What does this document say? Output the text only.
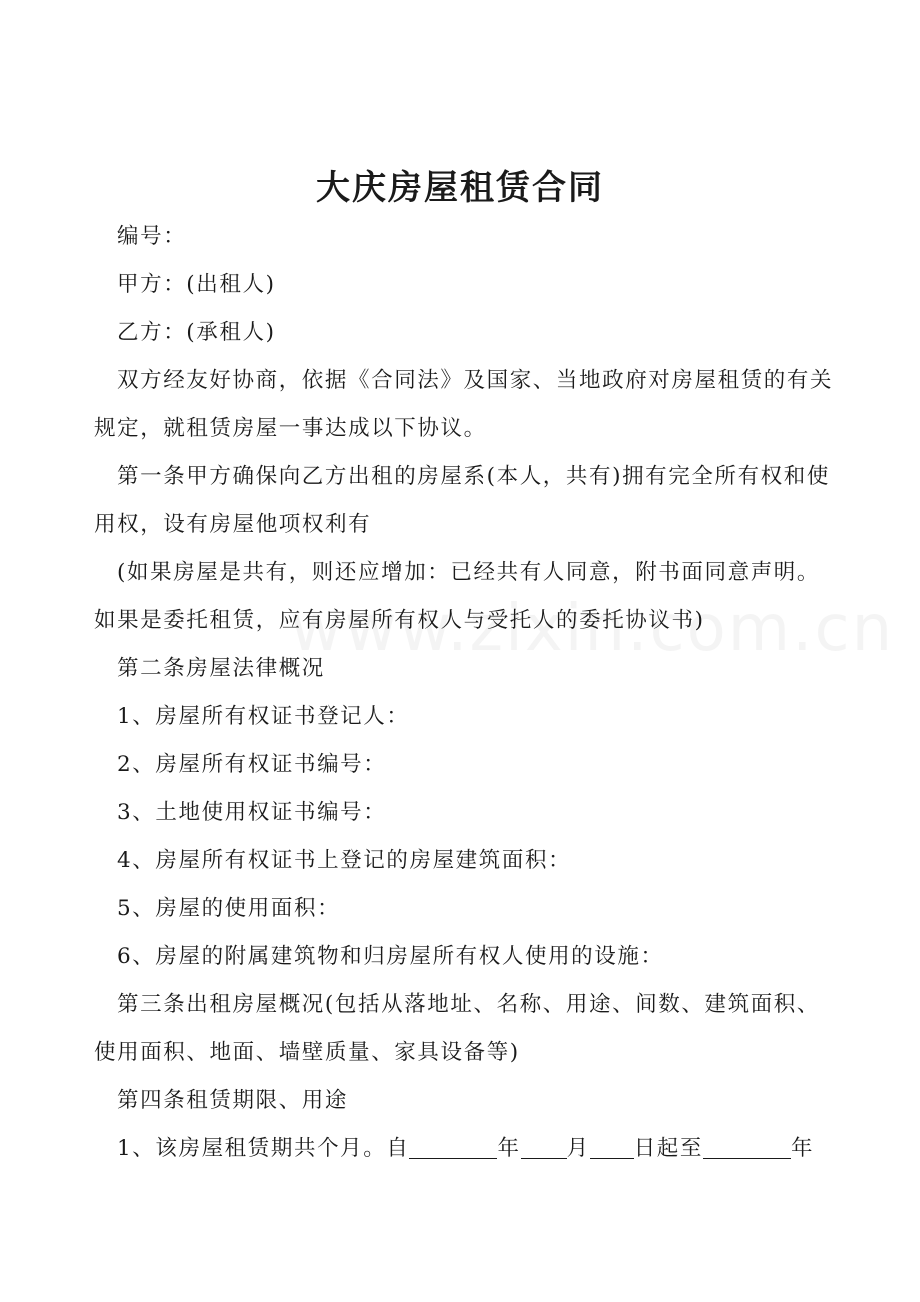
大庆房屋租赁合同

编号：

甲方：(出租人)

乙方：(承租人)

双方经友好协商，依据《合同法》及国家、当地政府对房屋租赁的有关规定，就租赁房屋一事达成以下协议。

第一条甲方确保向乙方出租的房屋系(本人，共有)拥有完全所有权和使用权，设有房屋他项权利有

(如果房屋是共有，则还应增加：已经共有人同意，附书面同意声明。如果是委托租赁，应有房屋所有权人与受托人的委托协议书)

第二条房屋法律概况

1、房屋所有权证书登记人：

2、房屋所有权证书编号：

3、土地使用权证书编号：

4、房屋所有权证书上登记的房屋建筑面积：

5、房屋的使用面积：

6、房屋的附属建筑物和归房屋所有权人使用的设施：

第三条出租房屋概况(包括从落地址、名称、用途、间数、建筑面积、使用面积、地面、墙壁质量、家具设备等)

第四条租赁期限、用途

1、该房屋租赁期共个月。自	年 月 日起至	年
